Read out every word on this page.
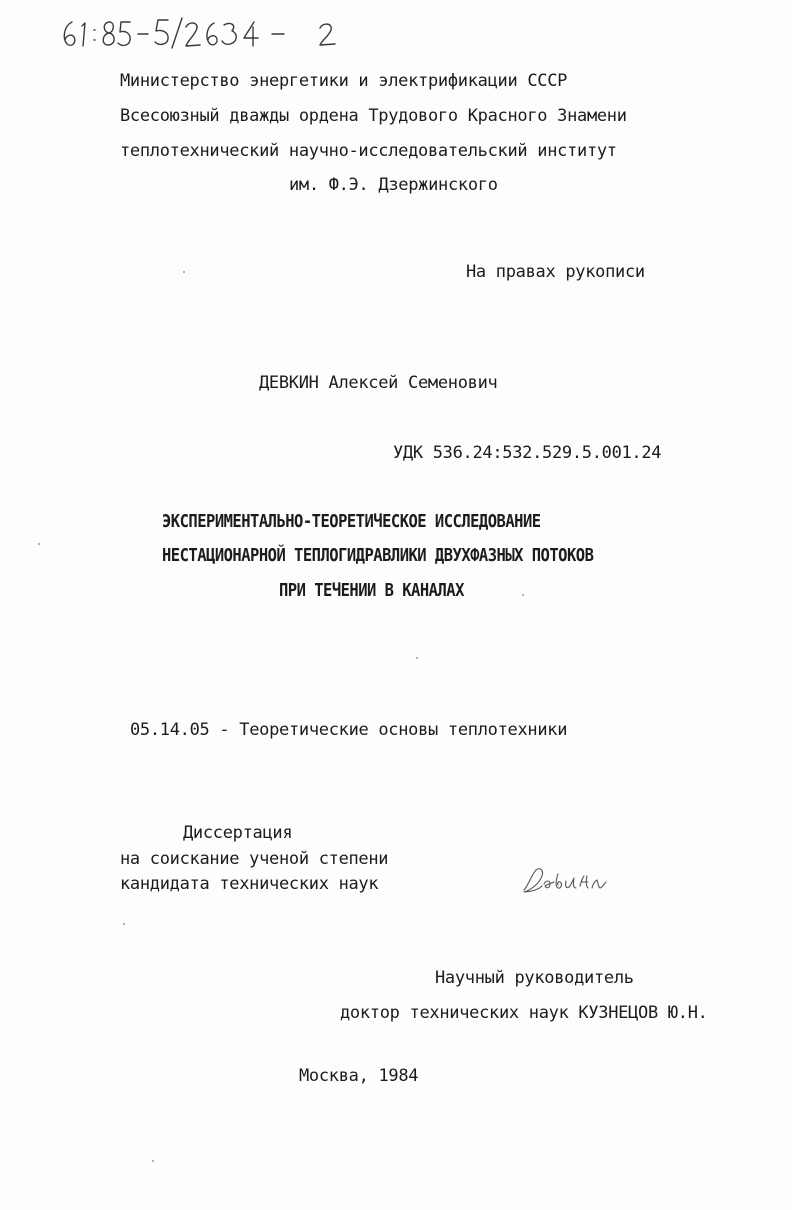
Министерство энергетики и электрификации СССР
Всесоюзный дважды ордена Трудового Красного Знамени
теплотехнический научно-исследовательский институт
им. Ф.Э. Дзержинского
На правах рукописи
ДЕВКИН Алексей Семенович
УДК 536.24:532.529.5.001.24
ЭКСПЕРИМЕНТАЛЬНО-ТЕОРЕТИЧЕСКОЕ ИССЛЕДОВАНИЕ
НЕСТАЦИОНАРНОЙ ТЕПЛОГИДРАВЛИКИ ДВУХФАЗНЫХ ПОТОКОВ
ПРИ ТЕЧЕНИИ В КАНАЛАХ
05.14.05 - Теоретические основы теплотехники
Диссертация
на соискание ученой степени
кандидата технических наук
Научный руководитель
доктор технических наук КУЗНЕЦОВ Ю.Н.
Москва, 1984
